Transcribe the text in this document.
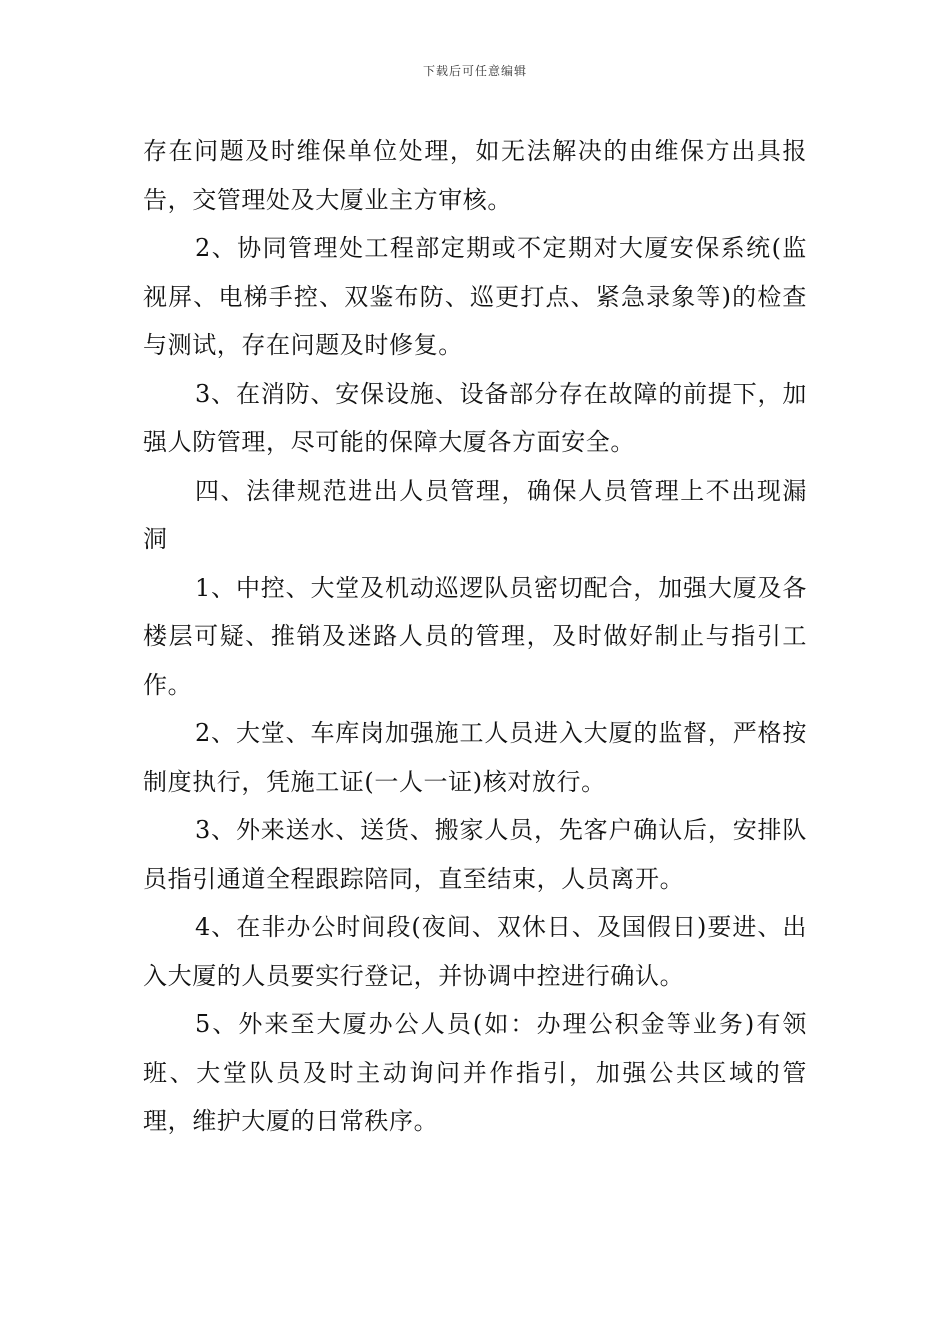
下载后可任意编辑

存在问题及时维保单位处理，如无法解决的由维保方出具报告，交管理处及大厦业主方审核。

2、协同管理处工程部定期或不定期对大厦安保系统(监视屏、电梯手控、双鉴布防、巡更打点、紧急录象等)的检查与测试，存在问题及时修复。

3、在消防、安保设施、设备部分存在故障的前提下，加强人防管理，尽可能的保障大厦各方面安全。

四、法律规范进出人员管理，确保人员管理上不出现漏洞

1、中控、大堂及机动巡逻队员密切配合，加强大厦及各楼层可疑、推销及迷路人员的管理，及时做好制止与指引工作。

2、大堂、车库岗加强施工人员进入大厦的监督，严格按制度执行，凭施工证(一人一证)核对放行。

3、外来送水、送货、搬家人员，先客户确认后，安排队员指引通道全程跟踪陪同，直至结束，人员离开。

4、在非办公时间段(夜间、双休日、及国假日)要进、出入大厦的人员要实行登记，并协调中控进行确认。

5、外来至大厦办公人员(如：办理公积金等业务)有领班、大堂队员及时主动询问并作指引，加强公共区域的管理，维护大厦的日常秩序。
